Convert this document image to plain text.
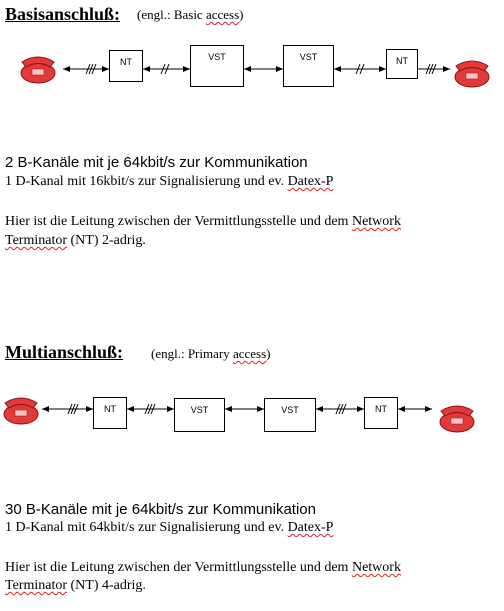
Basisanschluß: (engl.: Basic access)
NT	VST	VST	NT
2 B-Kanäle mit je 64kbit/s zur Kommunikation
1 D-Kanal mit 16kbit/s zur Signalisierung und ev. Datex-P
Hier ist die Leitung zwischen der Vermittlungsstelle und dem Network
Terminator (NT) 2-adrig.
Multianschluß: (engl.: Primary access)
NT	VST	VST	NT
30 B-Kanäle mit je 64kbit/s zur Kommunikation
1 D-Kanal mit 64kbit/s zur Signalisierung und ev. Datex-P
Hier ist die Leitung zwischen der Vermittlungsstelle und dem Network
Terminator (NT) 4-adrig.
